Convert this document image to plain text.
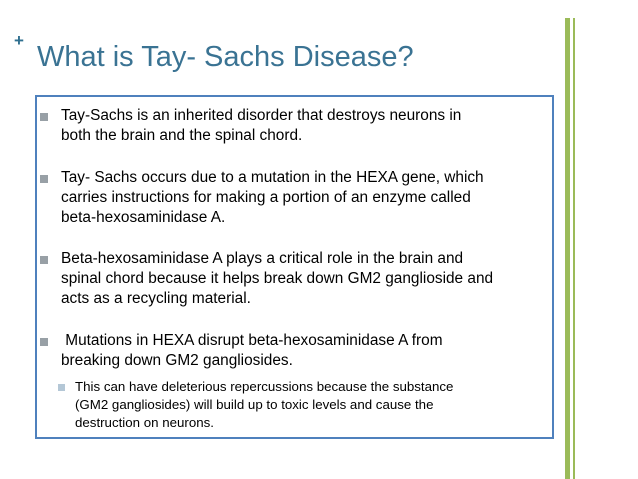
+
What is Tay- Sachs Disease?
Tay-Sachs is an inherited disorder that destroys neurons in
both the brain and the spinal chord.
Tay- Sachs occurs due to a mutation in the HEXA gene, which
carries instructions for making a portion of an enzyme called
beta-hexosaminidase A.
Beta-hexosaminidase A plays a critical role in the brain and
spinal chord because it helps break down GM2 ganglioside and
acts as a recycling material.
Mutations in HEXA disrupt beta-hexosaminidase A from
breaking down GM2 gangliosides.
This can have deleterious repercussions because the substance
(GM2 gangliosides) will build up to toxic levels and cause the
destruction on neurons.
